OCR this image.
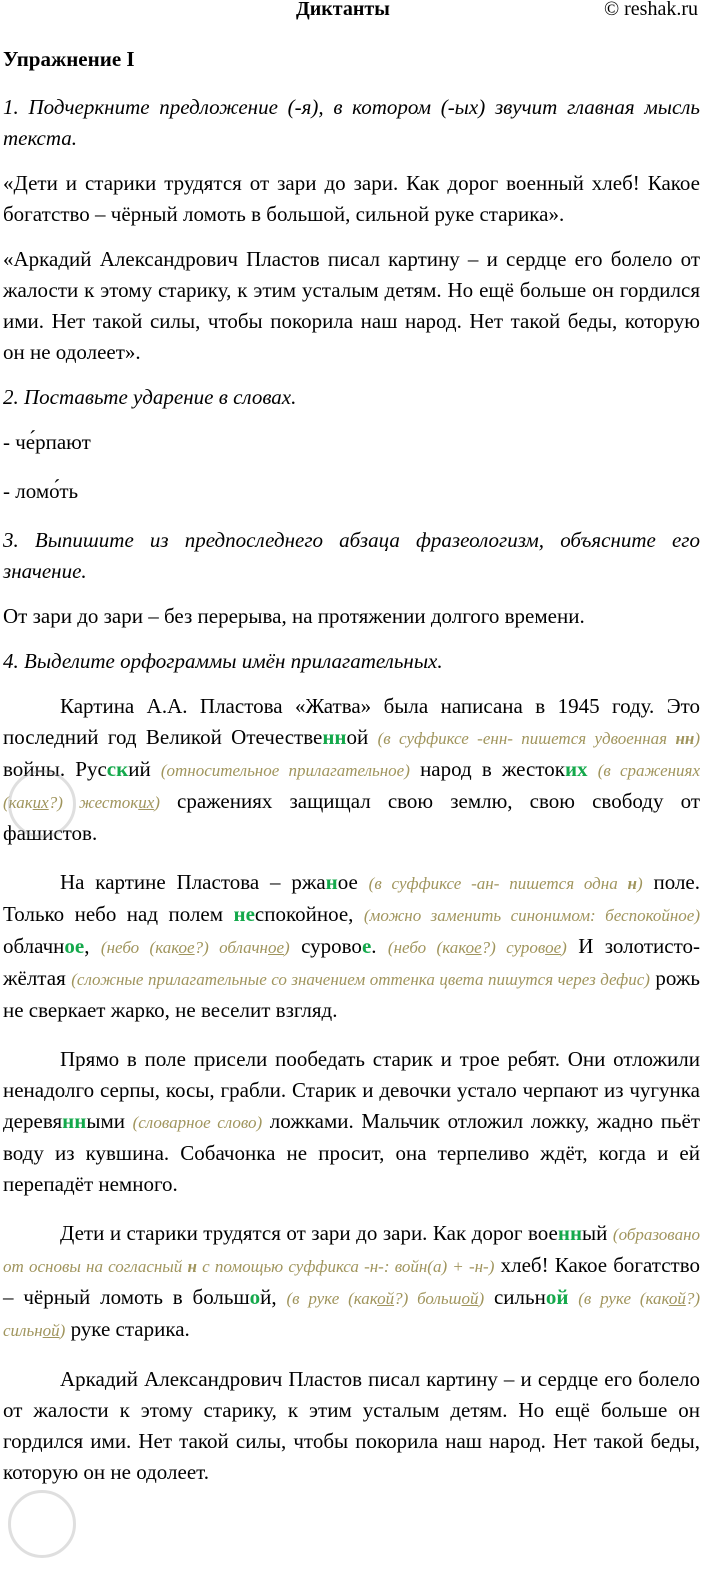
Диктанты	© reshak.ru
Упражнение I
1. Подчеркните предложение (-я), в котором (-ых) звучит главная мысль текста.
«Дети и старики трудятся от зари до зари. Как дорог военный хлеб! Какое богатство – чёрный ломоть в большой, сильной руке старика».
«Аркадий Александрович Пластов писал картину – и сердце его болело от жалости к этому старику, к этим усталым детям. Но ещё больше он гордился ими. Нет такой силы, чтобы покорила наш народ. Нет такой беды, которую он не одолеет».
2. Поставьте ударение в словах.
- че́рпают
- ломо́ть
3. Выпишите из предпоследнего абзаца фразеологизм, объясните его значение.
От зари до зари – без перерыва, на протяжении долгого времени.
4. Выделите орфограммы имён прилагательных.
Картина А.А. Пластова «Жатва» была написана в 1945 году. Это последний год Великой Отечественной (в суффиксе -енн- пишется удвоенная нн) войны. Русский (относительное прилагательное) народ в жестоких (в сражениях (каких?) жестоких) сражениях защищал свою землю, свою свободу от фашистов.
На картине Пластова – ржаное (в суффиксе -ан- пишется одна н) поле. Только небо над полем неспокойное, (можно заменить синонимом: беспокойное) облачное, (небо (какое?) облачное) суровое. (небо (какое?) суровое) И золотисто-жёлтая (сложные прилагательные со значением оттенка цвета пишутся через дефис) рожь не сверкает жарко, не веселит взгляд.
Прямо в поле присели пообедать старик и трое ребят. Они отложили ненадолго серпы, косы, грабли. Старик и девочки устало черпают из чугунка деревянными (словарное слово) ложками. Мальчик отложил ложку, жадно пьёт воду из кувшина. Собачонка не просит, она терпеливо ждёт, когда и ей перепадёт немного.
Дети и старики трудятся от зари до зари. Как дорог военный (образовано от основы на согласный н с помощью суффикса -н-: войн(а) + -н-) хлеб! Какое богатство – чёрный ломоть в большой, (в руке (какой?) большой) сильной (в руке (какой?) сильной) руке старика.
Аркадий Александрович Пластов писал картину – и сердце его болело от жалости к этому старику, к этим усталым детям. Но ещё больше он гордился ими. Нет такой силы, чтобы покорила наш народ. Нет такой беды, которую он не одолеет.
